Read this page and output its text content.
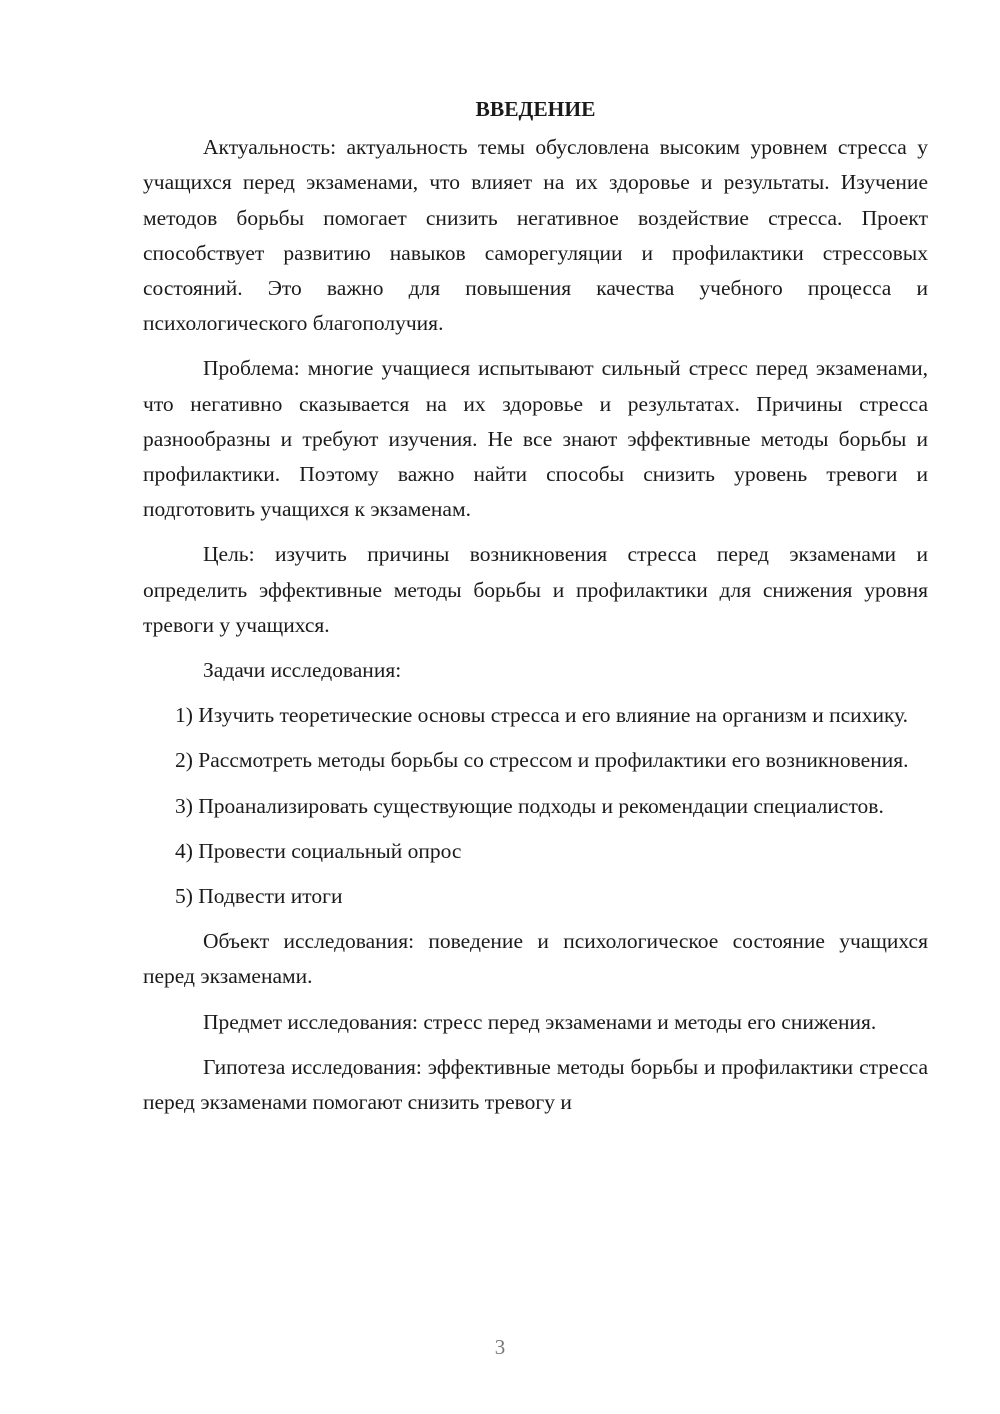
ВВЕДЕНИЕ

Актуальность: актуальность темы обусловлена высоким уровнем стресса у учащихся перед экзаменами, что влияет на их здоровье и результаты. Изучение методов борьбы помогает снизить негативное воздействие стресса. Проект способствует развитию навыков саморегуляции и профилактики стрессовых состояний. Это важно для повышения качества учебного процесса и психологического благополучия.

Проблема: многие учащиеся испытывают сильный стресс перед экзаменами, что негативно сказывается на их здоровье и результатах. Причины стресса разнообразны и требуют изучения. Не все знают эффективные методы борьбы и профилактики. Поэтому важно найти способы снизить уровень тревоги и подготовить учащихся к экзаменам.

Цель: изучить причины возникновения стресса перед экзаменами и определить эффективные методы борьбы и профилактики для снижения уровня тревоги у учащихся.

Задачи исследования:

1) Изучить теоретические основы стресса и его влияние на организм и психику.

2) Рассмотреть методы борьбы со стрессом и профилактики его возникновения.

3) Проанализировать существующие подходы и рекомендации специалистов.

4) Провести социальный опрос

5) Подвести итоги

Объект исследования: поведение и психологическое состояние учащихся перед экзаменами.

Предмет исследования: стресс перед экзаменами и методы его снижения.

Гипотеза исследования: эффективные методы борьбы и профилактики стресса перед экзаменами помогают снизить тревогу и

3
